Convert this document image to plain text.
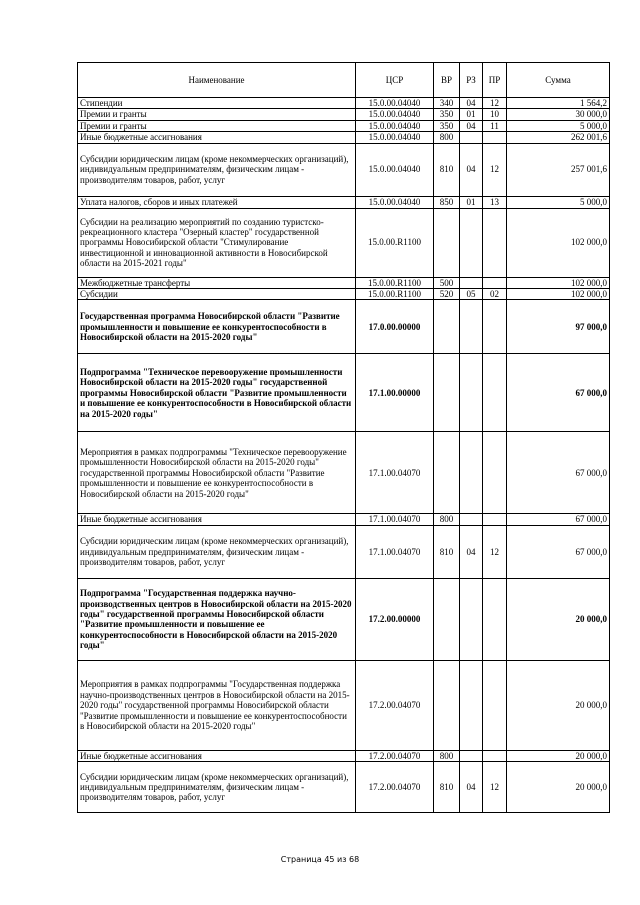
Наименование	ЦСР	ВР	РЗ	ПР	Сумма
Стипендии	15.0.00.04040	340	04	12	1 564,2
Премии и гранты	15.0.00.04040	350	01	10	30 000,0
Премии и гранты	15.0.00.04040	350	04	11	5 000,0
Иные бюджетные ассигнования	15.0.00.04040	800			262 001,6
Субсидии юридическим лицам (кроме некоммерческих организаций), индивидуальным предпринимателям, физическим лицам - производителям товаров, работ, услуг	15.0.00.04040	810	04	12	257 001,6
Уплата налогов, сборов и иных платежей	15.0.00.04040	850	01	13	5 000,0
Субсидии на реализацию мероприятий по созданию туристско-рекреационного кластера "Озерный кластер" государственной программы Новосибирской области "Стимулирование инвестиционной и инновационной активности в Новосибирской области на 2015-2021 годы"	15.0.00.R1100				102 000,0
Межбюджетные трансферты	15.0.00.R1100	500			102 000,0
Субсидии	15.0.00.R1100	520	05	02	102 000,0
Государственная программа Новосибирской области "Развитие промышленности и повышение ее конкурентоспособности в Новосибирской области на 2015-2020 годы"	17.0.00.00000				97 000,0
Подпрограмма "Техническое перевооружение промышленности Новосибирской области на 2015-2020 годы" государственной программы Новосибирской области "Развитие промышленности и повышение ее конкурентоспособности в Новосибирской области на 2015-2020 годы"	17.1.00.00000				67 000,0
Мероприятия в рамках подпрограммы "Техническое перевооружение промышленности Новосибирской области на 2015-2020 годы" государственной программы Новосибирской области "Развитие промышленности и повышение ее конкурентоспособности в Новосибирской области на 2015-2020 годы"	17.1.00.04070				67 000,0
Иные бюджетные ассигнования	17.1.00.04070	800			67 000,0
Субсидии юридическим лицам (кроме некоммерческих организаций), индивидуальным предпринимателям, физическим лицам - производителям товаров, работ, услуг	17.1.00.04070	810	04	12	67 000,0
Подпрограмма "Государственная поддержка научно-производственных центров в Новосибирской области на 2015-2020 годы" государственной программы Новосибирской области "Развитие промышленности и повышение ее конкурентоспособности в Новосибирской области на 2015-2020 годы"	17.2.00.00000				20 000,0
Мероприятия в рамках подпрограммы "Государственная поддержка научно-производственных центров в Новосибирской области на 2015-2020 годы" государственной программы Новосибирской области "Развитие промышленности и повышение ее конкурентоспособности в Новосибирской области на 2015-2020 годы"	17.2.00.04070				20 000,0
Иные бюджетные ассигнования	17.2.00.04070	800			20 000,0
Субсидии юридическим лицам (кроме некоммерческих организаций), индивидуальным предпринимателям, физическим лицам - производителям товаров, работ, услуг	17.2.00.04070	810	04	12	20 000,0
Страница 45 из 68
